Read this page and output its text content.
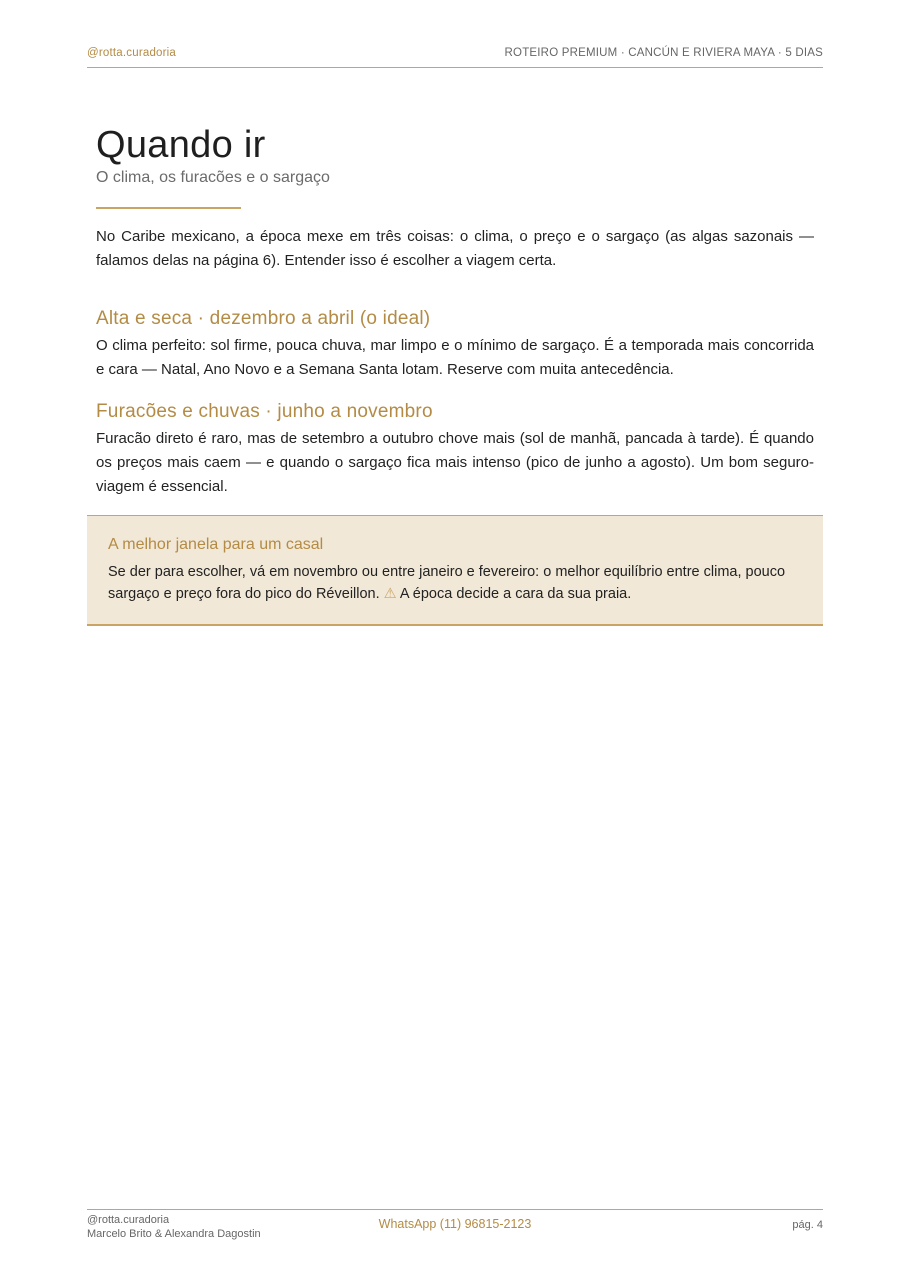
@rotta.curadoria	ROTEIRO PREMIUM · CANCÚN E RIVIERA MAYA · 5 DIAS
Quando ir

O clima, os furacões e o sargaço

No Caribe mexicano, a época mexe em três coisas: o clima, o preço e o sargaço (as algas sazonais — falamos delas na página 6). Entender isso é escolher a viagem certa.

Alta e seca · dezembro a abril (o ideal)

O clima perfeito: sol firme, pouca chuva, mar limpo e o mínimo de sargaço. É a temporada mais concorrida e cara — Natal, Ano Novo e a Semana Santa lotam. Reserve com muita antecedência.

Furacões e chuvas · junho a novembro

Furacão direto é raro, mas de setembro a outubro chove mais (sol de manhã, pancada à tarde). É quando os preços mais caem — e quando o sargaço fica mais intenso (pico de junho a agosto). Um bom seguro-viagem é essencial.

A melhor janela para um casal

Se der para escolher, vá em novembro ou entre janeiro e fevereiro: o melhor equilíbrio entre clima, pouco sargaço e preço fora do pico do Réveillon. ⚠ A época decide a cara da sua praia.

@rotta.curadoria
Marcelo Brito & Alexandra Dagostin
WhatsApp (11) 96815-2123	pág. 4
